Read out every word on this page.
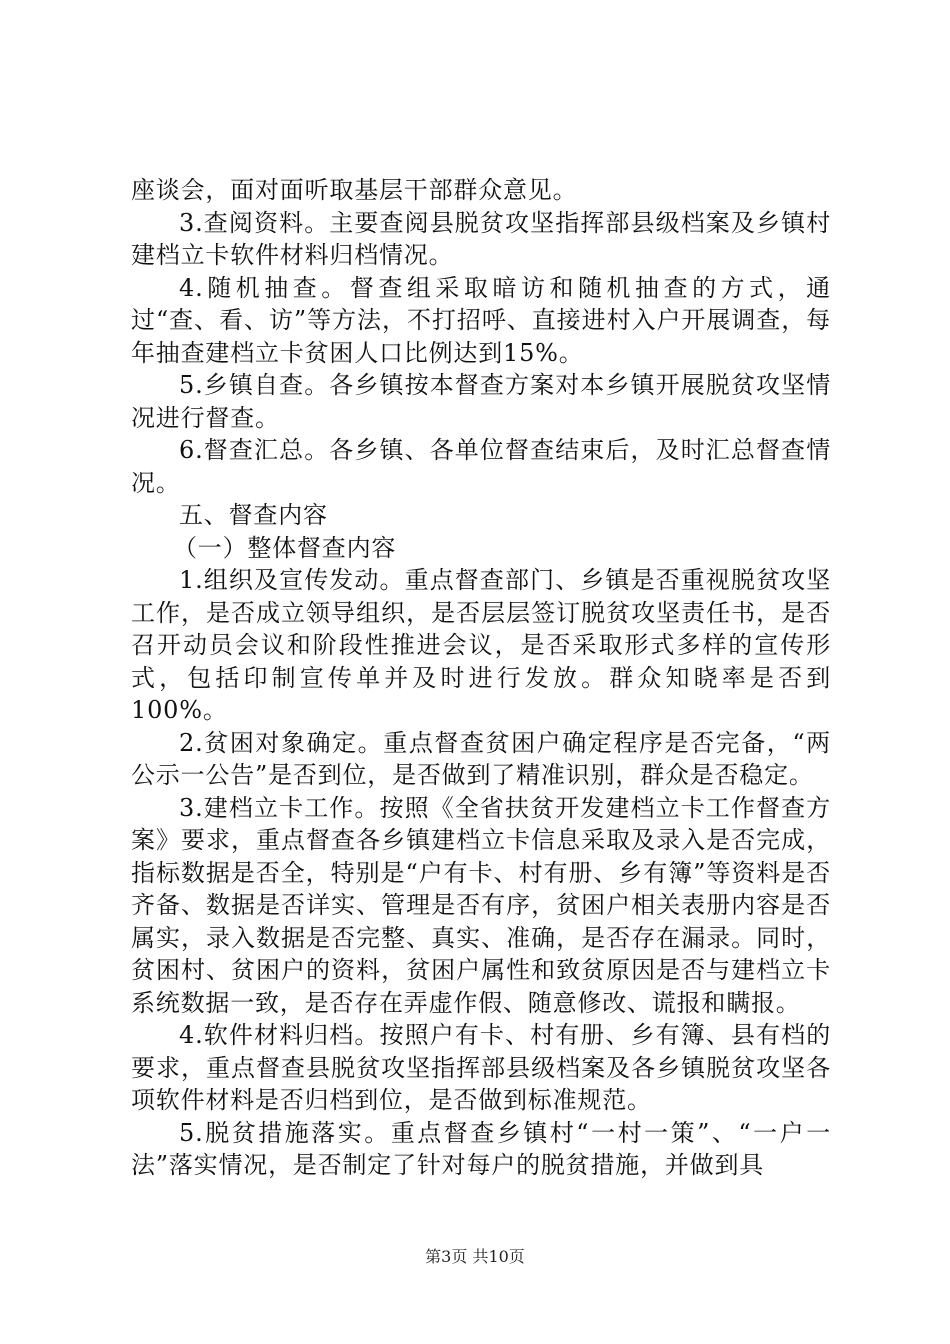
座谈会，面对面听取基层干部群众意见。

3.查阅资料。主要查阅县脱贫攻坚指挥部县级档案及乡镇村建档立卡软件材料归档情况。

4.随机抽查。督查组采取暗访和随机抽查的方式，通过“查、看、访”等方法，不打招呼、直接进村入户开展调查，每年抽查建档立卡贫困人口比例达到15%。

5.乡镇自查。各乡镇按本督查方案对本乡镇开展脱贫攻坚情况进行督查。

6.督查汇总。各乡镇、各单位督查结束后，及时汇总督查情况。

五、督查内容

（一）整体督查内容

1.组织及宣传发动。重点督查部门、乡镇是否重视脱贫攻坚工作，是否成立领导组织，是否层层签订脱贫攻坚责任书，是否召开动员会议和阶段性推进会议，是否采取形式多样的宣传形式，包括印制宣传单并及时进行发放。群众知晓率是否到100%。

2.贫困对象确定。重点督查贫困户确定程序是否完备，“两公示一公告”是否到位，是否做到了精准识别，群众是否稳定。

3.建档立卡工作。按照《全省扶贫开发建档立卡工作督查方案》要求，重点督查各乡镇建档立卡信息采取及录入是否完成，指标数据是否全，特别是“户有卡、村有册、乡有簿”等资料是否齐备、数据是否详实、管理是否有序，贫困户相关表册内容是否属实，录入数据是否完整、真实、准确，是否存在漏录。同时，贫困村、贫困户的资料，贫困户属性和致贫原因是否与建档立卡系统数据一致，是否存在弄虚作假、随意修改、谎报和瞒报。

4.软件材料归档。按照户有卡、村有册、乡有簿、县有档的要求，重点督查县脱贫攻坚指挥部县级档案及各乡镇脱贫攻坚各项软件材料是否归档到位，是否做到标准规范。

5.脱贫措施落实。重点督查乡镇村“一村一策”、“一户一法”落实情况，是否制定了针对每户的脱贫措施，并做到具

第3页 共10页
